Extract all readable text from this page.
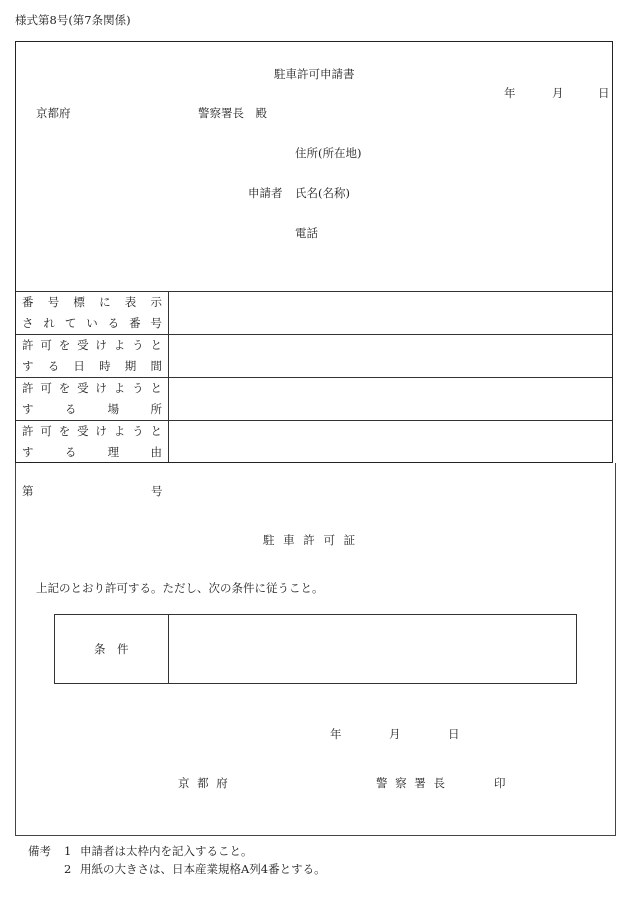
様式第8号(第7条関係)
駐車許可申請書
年	月	日
京都府	警察署長　殿
住所(所在地)
申請者 氏名(名称)
電話
番号標に表示
されている番号
許可を受けようと
する日時期間
許可を受けようと
する場所
許可を受けようと
する理由
第	号
駐 車 許 可 証
上記のとおり許可する。ただし、次の条件に従うこと。
条　件
年	月	日
京 都 府	警 察 署 長	印
備考 1 申請者は太枠内を記入すること。
2 用紙の大きさは、日本産業規格A列4番とする。
